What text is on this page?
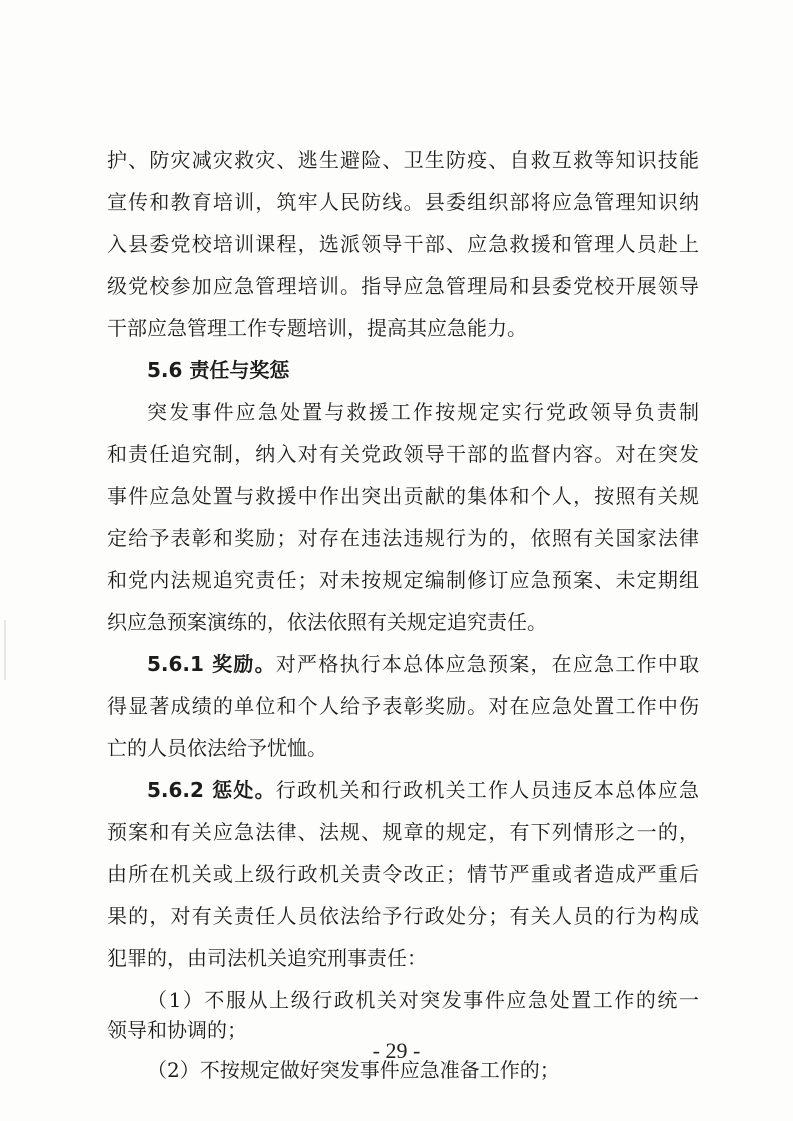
护、防灾减灾救灾、逃生避险、卫生防疫、自救互救等知识技能
宣传和教育培训，筑牢人民防线。县委组织部将应急管理知识纳
入县委党校培训课程，选派领导干部、应急救援和管理人员赴上
级党校参加应急管理培训。指导应急管理局和县委党校开展领导
干部应急管理工作专题培训，提高其应急能力。
5.6 责任与奖惩
突发事件应急处置与救援工作按规定实行党政领导负责制
和责任追究制，纳入对有关党政领导干部的监督内容。对在突发
事件应急处置与救援中作出突出贡献的集体和个人，按照有关规
定给予表彰和奖励；对存在违法违规行为的，依照有关国家法律
和党内法规追究责任；对未按规定编制修订应急预案、未定期组
织应急预案演练的，依法依照有关规定追究责任。
5.6.1 奖励。对严格执行本总体应急预案，在应急工作中取
得显著成绩的单位和个人给予表彰奖励。对在应急处置工作中伤
亡的人员依法给予忧恤。
5.6.2 惩处。行政机关和行政机关工作人员违反本总体应急
预案和有关应急法律、法规、规章的规定，有下列情形之一的，
由所在机关或上级行政机关责令改正；情节严重或者造成严重后
果的，对有关责任人员依法给予行政处分；有关人员的行为构成
犯罪的，由司法机关追究刑事责任：
（1）不服从上级行政机关对突发事件应急处置工作的统一
- 29 -
领导和协调的；
（2）不按规定做好突发事件应急准备工作的；
